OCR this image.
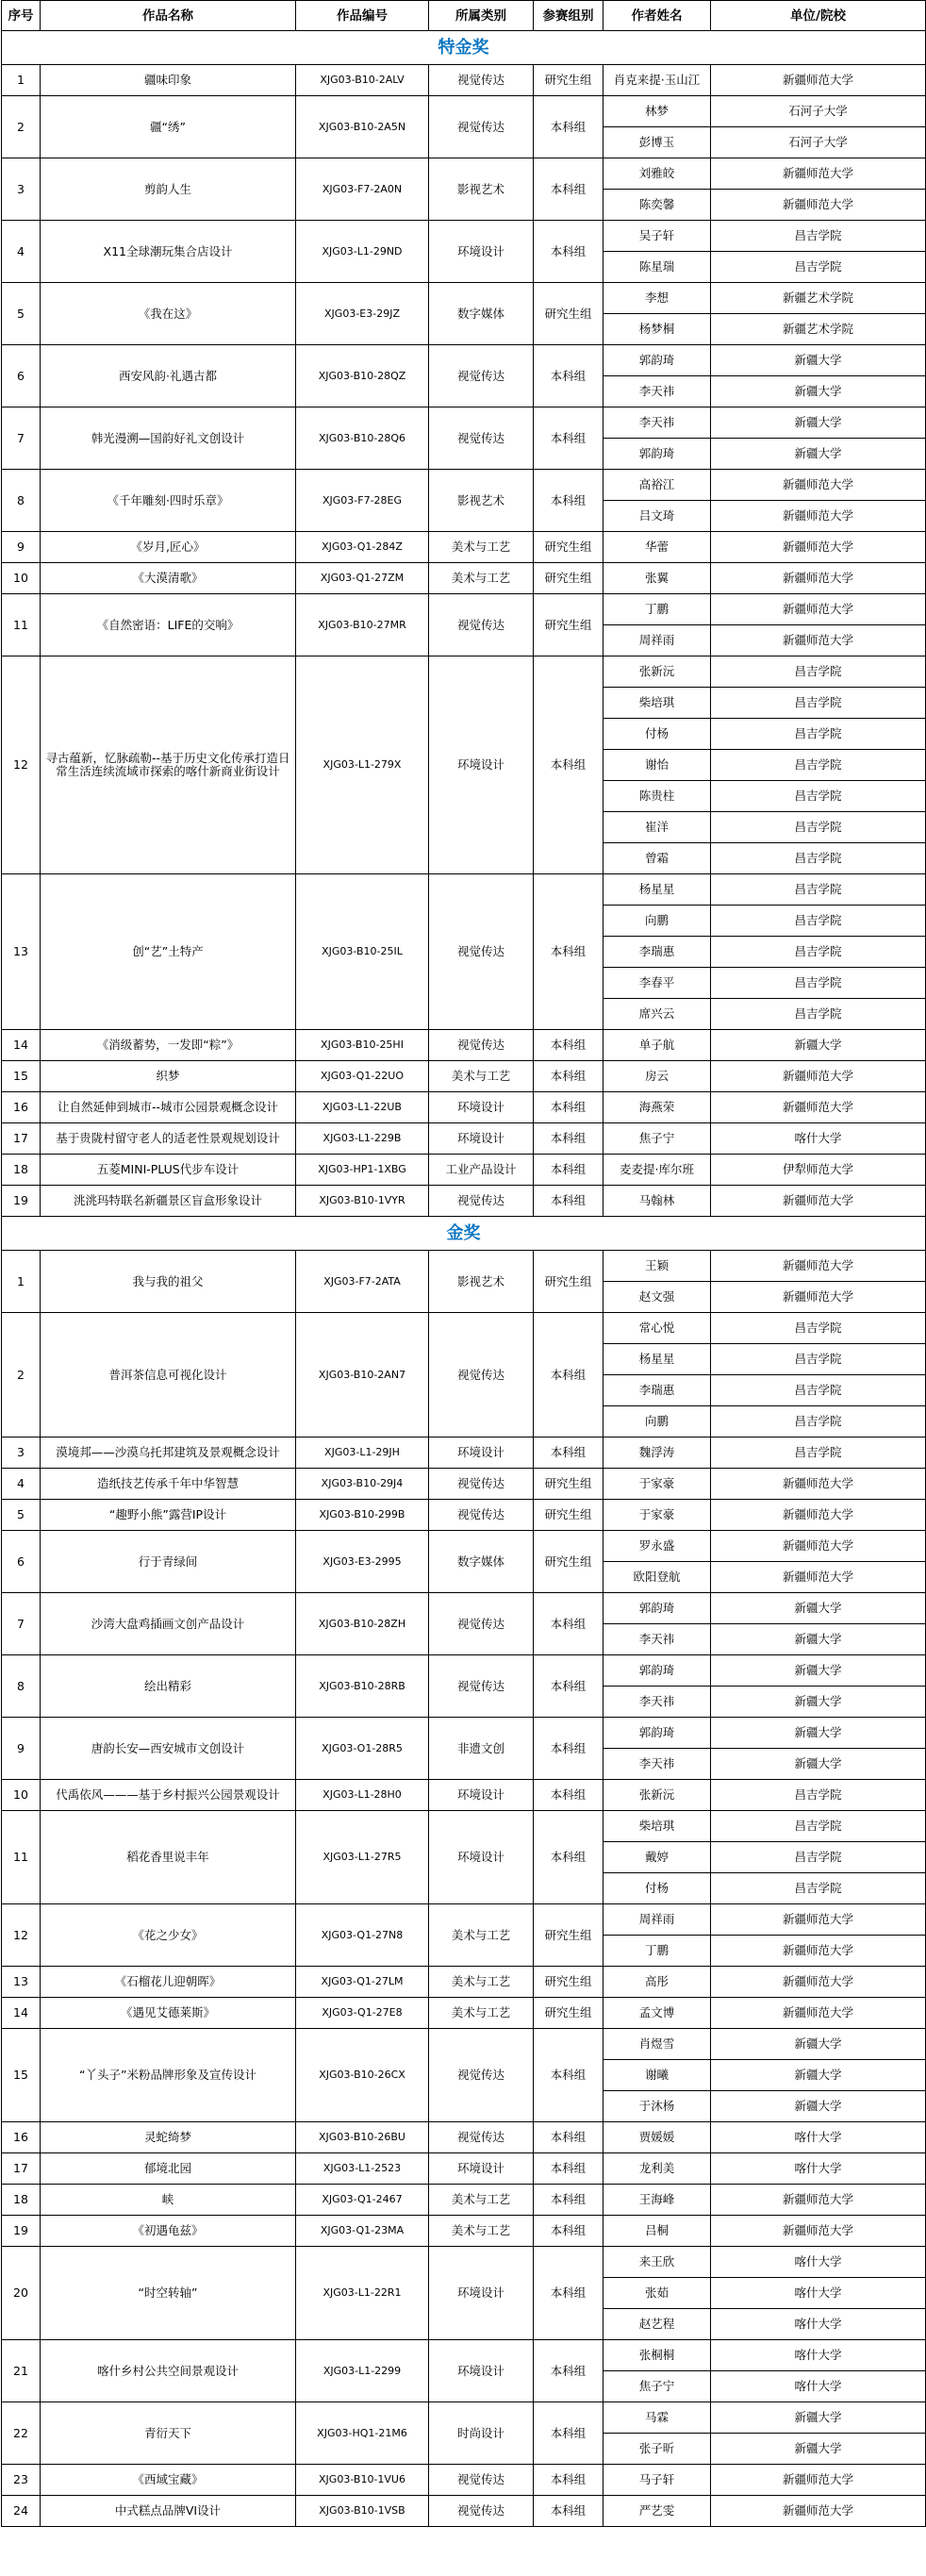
序号	作品名称	作品编号	所属类别	参赛组别	作者姓名	单位/院校
特金奖						
1	疆味印象	XJG03-B10-2ALV	视觉传达	研究生组	肖克来提·玉山江	新疆师范大学
2	疆“绣”	XJG03-B10-2A5N	视觉传达	本科组	林梦	石河子大学
					彭博玉	石河子大学
3	剪韵人生	XJG03-F7-2A0N	影视艺术	本科组	刘雅皎	新疆师范大学
					陈奕馨	新疆师范大学
4	X11全球潮玩集合店设计	XJG03-L1-29ND	环境设计	本科组	吴子轩	昌吉学院
					陈星瑞	昌吉学院
5	《我在这》	XJG03-E3-29JZ	数字媒体	研究生组	李想	新疆艺术学院
					杨梦桐	新疆艺术学院
6	西安风韵·礼遇古都	XJG03-B10-28QZ	视觉传达	本科组	郭韵琦	新疆大学
					李天祎	新疆大学
7	韩光漫溯—国韵好礼文创设计	XJG03-B10-28Q6	视觉传达	本科组	李天祎	新疆大学
					郭韵琦	新疆大学
8	《千年雕刻·四时乐章》	XJG03-F7-28EG	影视艺术	本科组	高裕江	新疆师范大学
					吕文琦	新疆师范大学
9	《岁月,匠心》	XJG03-Q1-284Z	美术与工艺	研究生组	华蕾	新疆师范大学
10	《大漠清歌》	XJG03-Q1-27ZM	美术与工艺	研究生组	张翼	新疆师范大学
11	《自然密语：LIFE的交响》	XJG03-B10-27MR	视觉传达	研究生组	丁鹏	新疆师范大学
					周祥雨	新疆师范大学
12	寻古蕴新，忆脉疏勒--基于历史文化传承打造日常生活连续流域市探索的喀什新商业街设计	XJG03-L1-279X	环境设计	本科组	张新沅	昌吉学院
					柴培琪	昌吉学院
					付杨	昌吉学院
					谢怡	昌吉学院
					陈贵柱	昌吉学院
					崔洋	昌吉学院
					曾霜	昌吉学院
13	创“艺”土特产	XJG03-B10-25IL	视觉传达	本科组	杨星星	昌吉学院
					向鹏	昌吉学院
					李瑞惠	昌吉学院
					李春平	昌吉学院
					席兴云	昌吉学院
14	《消级蓄势，一发即“粽”》	XJG03-B10-25HI	视觉传达	本科组	单子航	新疆大学
15	织梦	XJG03-Q1-22UO	美术与工艺	本科组	房云	新疆师范大学
16	让自然延伸到城市--城市公园景观概念设计	XJG03-L1-22UB	环境设计	本科组	海燕荣	新疆师范大学
17	基于贵陇村留守老人的适老性景观规划设计	XJG03-L1-229B	环境设计	本科组	焦子宁	喀什大学
18	五菱MINI-PLUS代步车设计	XJG03-HP1-1XBG	工业产品设计	本科组	麦麦提·库尔班	伊犁师范大学
19	洮洮玛特联名新疆景区盲盒形象设计	XJG03-B10-1VYR	视觉传达	本科组	马翰林	新疆师范大学
金奖						
1	我与我的祖父	XJG03-F7-2ATA	影视艺术	研究生组	王颖	新疆师范大学
					赵文强	新疆师范大学
2	普洱茶信息可视化设计	XJG03-B10-2AN7	视觉传达	本科组	常心悦	昌吉学院
					杨星星	昌吉学院
					李瑞惠	昌吉学院
					向鹏	昌吉学院
3	漠境邦——沙漠乌托邦建筑及景观概念设计	XJG03-L1-29JH	环境设计	本科组	魏浮涛	昌吉学院
4	造纸技艺传承千年中华智慧	XJG03-B10-29J4	视觉传达	研究生组	于家豪	新疆师范大学
5	“趣野小熊”露营IP设计	XJG03-B10-299B	视觉传达	研究生组	于家豪	新疆师范大学
6	行于青绿间	XJG03-E3-2995	数字媒体	研究生组	罗永盛	新疆师范大学
					欧阳登航	新疆师范大学
7	沙湾大盘鸡插画文创产品设计	XJG03-B10-28ZH	视觉传达	本科组	郭韵琦	新疆大学
					李天祎	新疆大学
8	绘出精彩	XJG03-B10-28RB	视觉传达	本科组	郭韵琦	新疆大学
					李天祎	新疆大学
9	唐韵长安—西安城市文创设计	XJG03-O1-28R5	非遗文创	本科组	郭韵琦	新疆大学
					李天祎	新疆大学
10	代禹依风———基于乡村振兴公园景观设计	XJG03-L1-28H0	环境设计	本科组	张新沅	昌吉学院
11	稻花香里说丰年	XJG03-L1-27R5	环境设计	本科组	柴培琪	昌吉学院
					戴婷	昌吉学院
					付杨	昌吉学院
12	《花之少女》	XJG03-Q1-27N8	美术与工艺	研究生组	周祥雨	新疆师范大学
					丁鹏	新疆师范大学
13	《石榴花儿迎朝晖》	XJG03-Q1-27LM	美术与工艺	研究生组	高彤	新疆师范大学
14	《遇见艾德莱斯》	XJG03-Q1-27E8	美术与工艺	研究生组	孟文博	新疆师范大学
15	“丫头子”米粉品牌形象及宣传设计	XJG03-B10-26CX	视觉传达	本科组	肖煜雪	新疆大学
					谢曦	新疆大学
					于沐杨	新疆大学
16	灵蛇绮梦	XJG03-B10-26BU	视觉传达	本科组	贾媛媛	喀什大学
17	郁境北园	XJG03-L1-2523	环境设计	本科组	龙利美	喀什大学
18	峡	XJG03-Q1-2467	美术与工艺	本科组	王海峰	新疆师范大学
19	《初遇龟兹》	XJG03-Q1-23MA	美术与工艺	本科组	吕桐	新疆师范大学
20	“时空转轴”	XJG03-L1-22R1	环境设计	本科组	来王欣	喀什大学
					张茹	喀什大学
					赵艺程	喀什大学
21	喀什乡村公共空间景观设计	XJG03-L1-2299	环境设计	本科组	张桐桐	喀什大学
					焦子宁	喀什大学
22	青衍天下	XJG03-HQ1-21M6	时尚设计	本科组	马霖	新疆大学
					张子昕	新疆大学
23	《西域宝藏》	XJG03-B10-1VU6	视觉传达	本科组	马子轩	新疆师范大学
24	中式糕点品牌VI设计	XJG03-B10-1VSB	视觉传达	本科组	严艺雯	新疆师范大学
